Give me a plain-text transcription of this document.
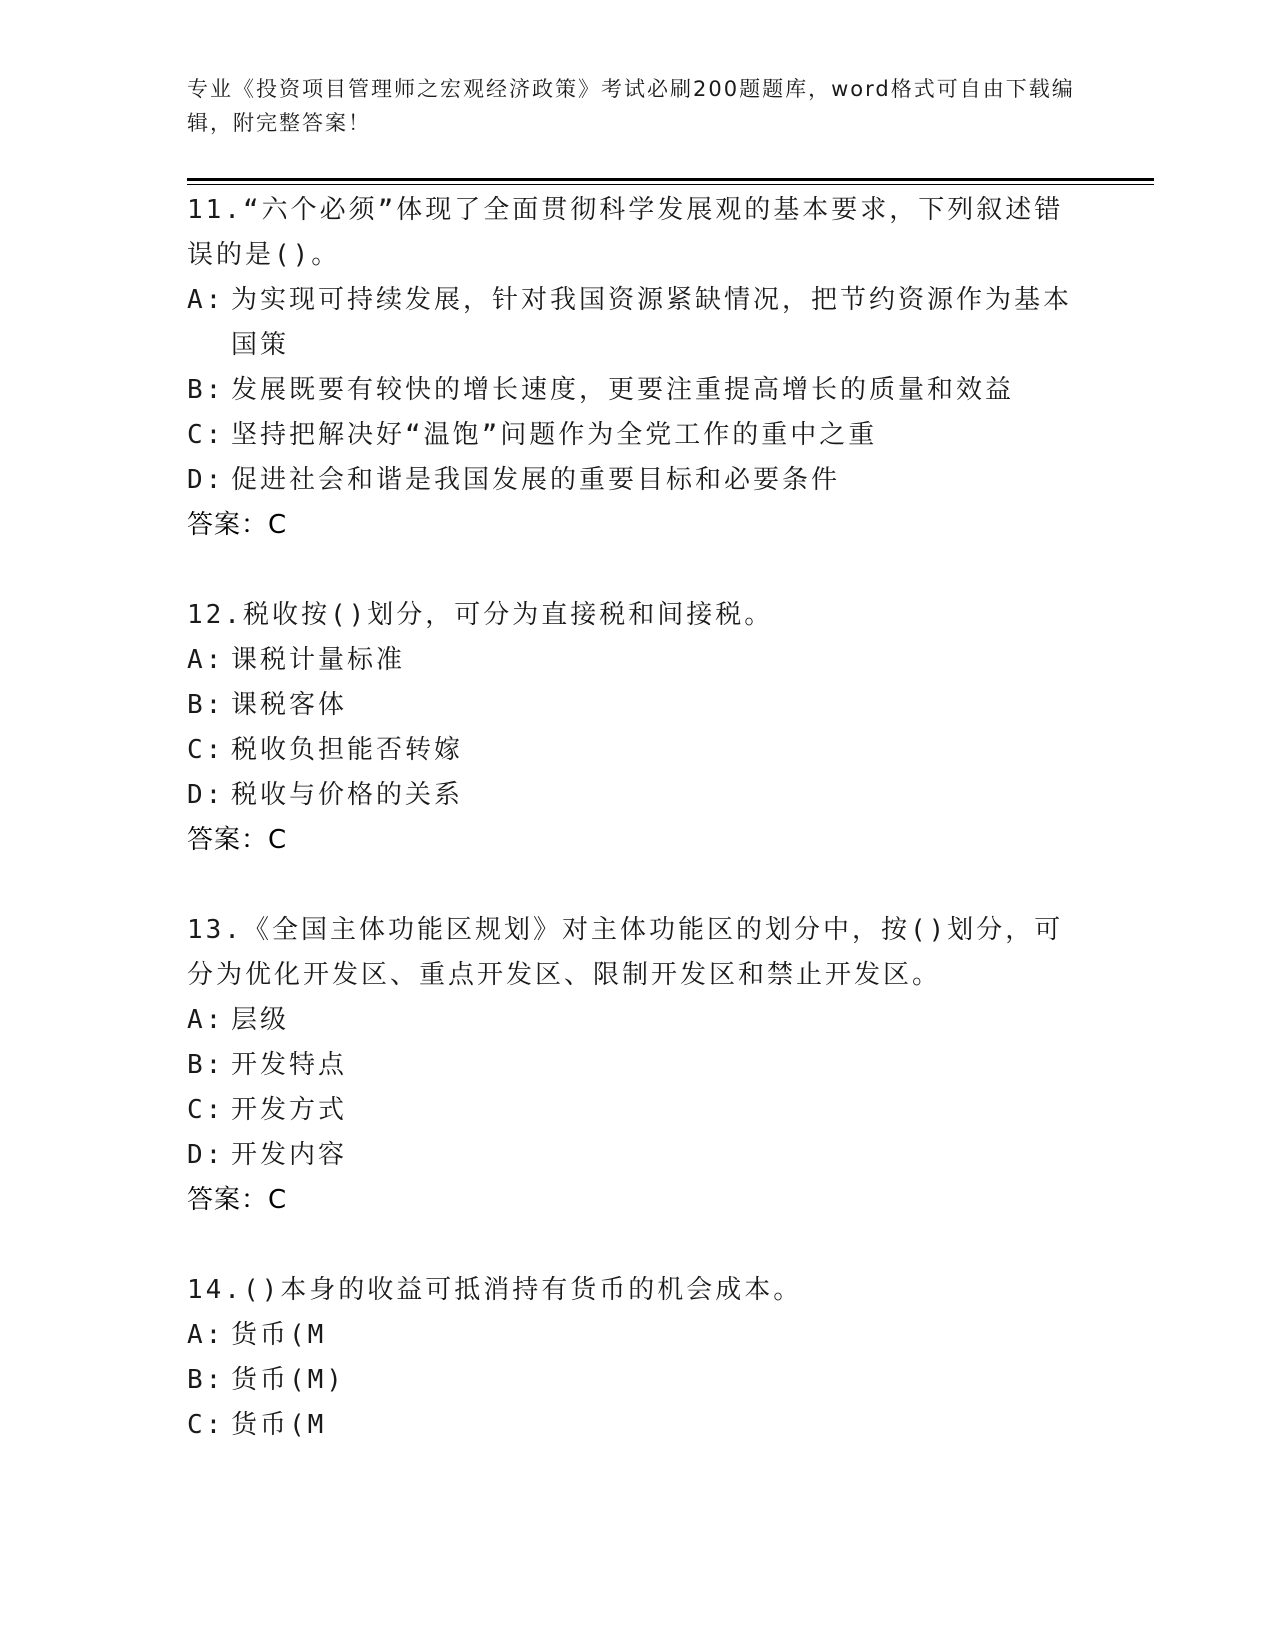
专业《投资项目管理师之宏观经济政策》考试必刷200题题库，word格式可自由下载编辑，附完整答案！

11.“六个必须”体现了全面贯彻科学发展观的基本要求，下列叙述错误的是()。

A: 为实现可持续发展，针对我国资源紧缺情况，把节约资源作为基本国策
B: 发展既要有较快的增长速度，更要注重提高增长的质量和效益
C: 坚持把解决好“温饱”问题作为全党工作的重中之重
D: 促进社会和谐是我国发展的重要目标和必要条件
答案：C

12.税收按()划分，可分为直接税和间接税。

A: 课税计量标准
B: 课税客体
C: 税收负担能否转嫁
D: 税收与价格的关系
答案：C

13.《全国主体功能区规划》对主体功能区的划分中，按()划分，可分为优化开发区、重点开发区、限制开发区和禁止开发区。

A: 层级
B: 开发特点
C: 开发方式
D: 开发内容
答案：C

14.()本身的收益可抵消持有货币的机会成本。

A: 货币(M
B: 货币(M)
C: 货币(M
